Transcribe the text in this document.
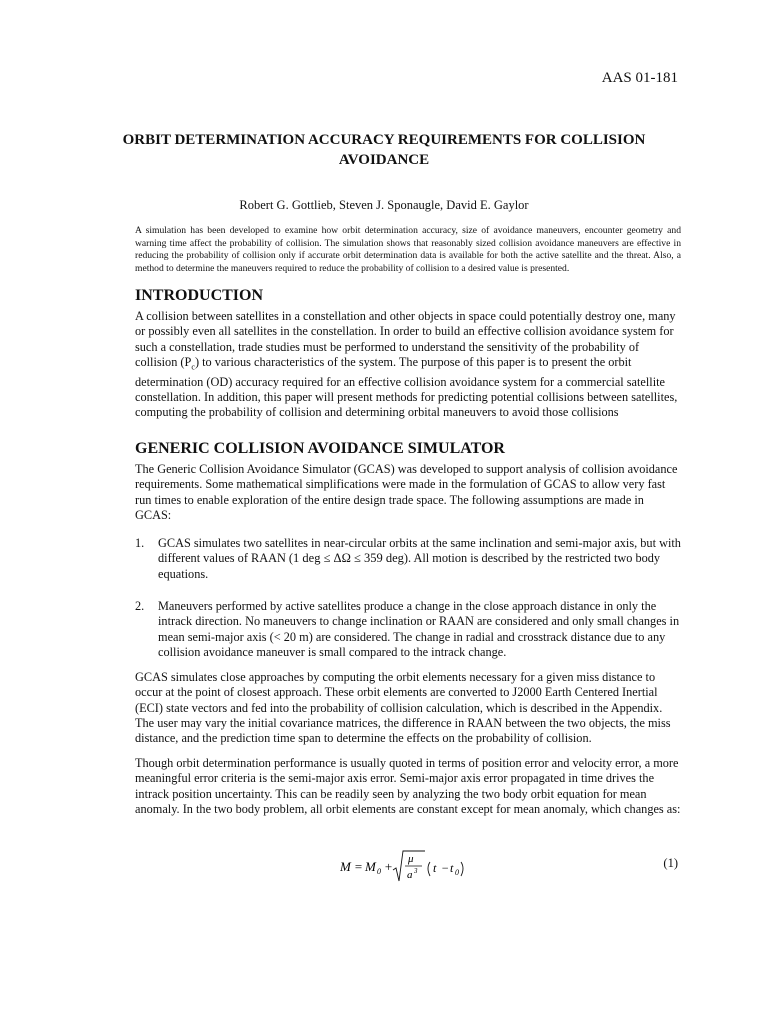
AAS 01-181
ORBIT DETERMINATION ACCURACY REQUIREMENTS FOR COLLISION AVOIDANCE
Robert G. Gottlieb, Steven J. Sponaugle, David E. Gaylor
A simulation has been developed to examine how orbit determination accuracy, size of avoidance maneuvers, encounter geometry and warning time affect the probability of collision. The simulation shows that reasonably sized collision avoidance maneuvers are effective in reducing the probability of collision only if accurate orbit determination data is available for both the active satellite and the threat. Also, a method to determine the maneuvers required to reduce the probability of collision to a desired value is presented.
INTRODUCTION
A collision between satellites in a constellation and other objects in space could potentially destroy one, many or possibly even all satellites in the constellation. In order to build an effective collision avoidance system for such a constellation, trade studies must be performed to understand the sensitivity of the probability of collision $(P_c)$ to various characteristics of the system. The purpose of this paper is to present the orbit determination (OD) accuracy required for an effective collision avoidance system for a commercial satellite constellation. In addition, this paper will present methods for predicting potential collisions between satellites, computing the probability of collision and determining orbital maneuvers to avoid those collisions
GENERIC COLLISION AVOIDANCE SIMULATOR
The Generic Collision Avoidance Simulator (GCAS) was developed to support analysis of collision avoidance requirements. Some mathematical simplifications were made in the formulation of GCAS to allow very fast run times to enable exploration of the entire design trade space. The following assumptions are made in GCAS:
1. GCAS simulates two satellites in near-circular orbits at the same inclination and semi-major axis, but with different values of RAAN (1 deg ≤ ΔΩ ≤ 359 deg). All motion is described by the restricted two body equations.
2. Maneuvers performed by active satellites produce a change in the close approach distance in only the intrack direction. No maneuvers to change inclination or RAAN are considered and only small changes in mean semi-major axis (< 20 m) are considered. The change in radial and crosstrack distance due to any collision avoidance maneuver is small compared to the intrack change.
GCAS simulates close approaches by computing the orbit elements necessary for a given miss distance to occur at the point of closest approach. These orbit elements are converted to J2000 Earth Centered Inertial (ECI) state vectors and fed into the probability of collision calculation, which is described in the Appendix. The user may vary the initial covariance matrices, the difference in RAAN between the two objects, the miss distance, and the prediction time span to determine the effects on the probability of collision.
Though orbit determination performance is usually quoted in terms of position error and velocity error, a more meaningful error criteria is the semi-major axis error. Semi-major axis error propagated in time drives the intrack position uncertainty. This can be readily seen by analyzing the two body orbit equation for mean anomaly. In the two body problem, all orbit elements are constant except for mean anomaly, which changes as:
M = M 0 + μ
a 3 t − t 0
(1)
